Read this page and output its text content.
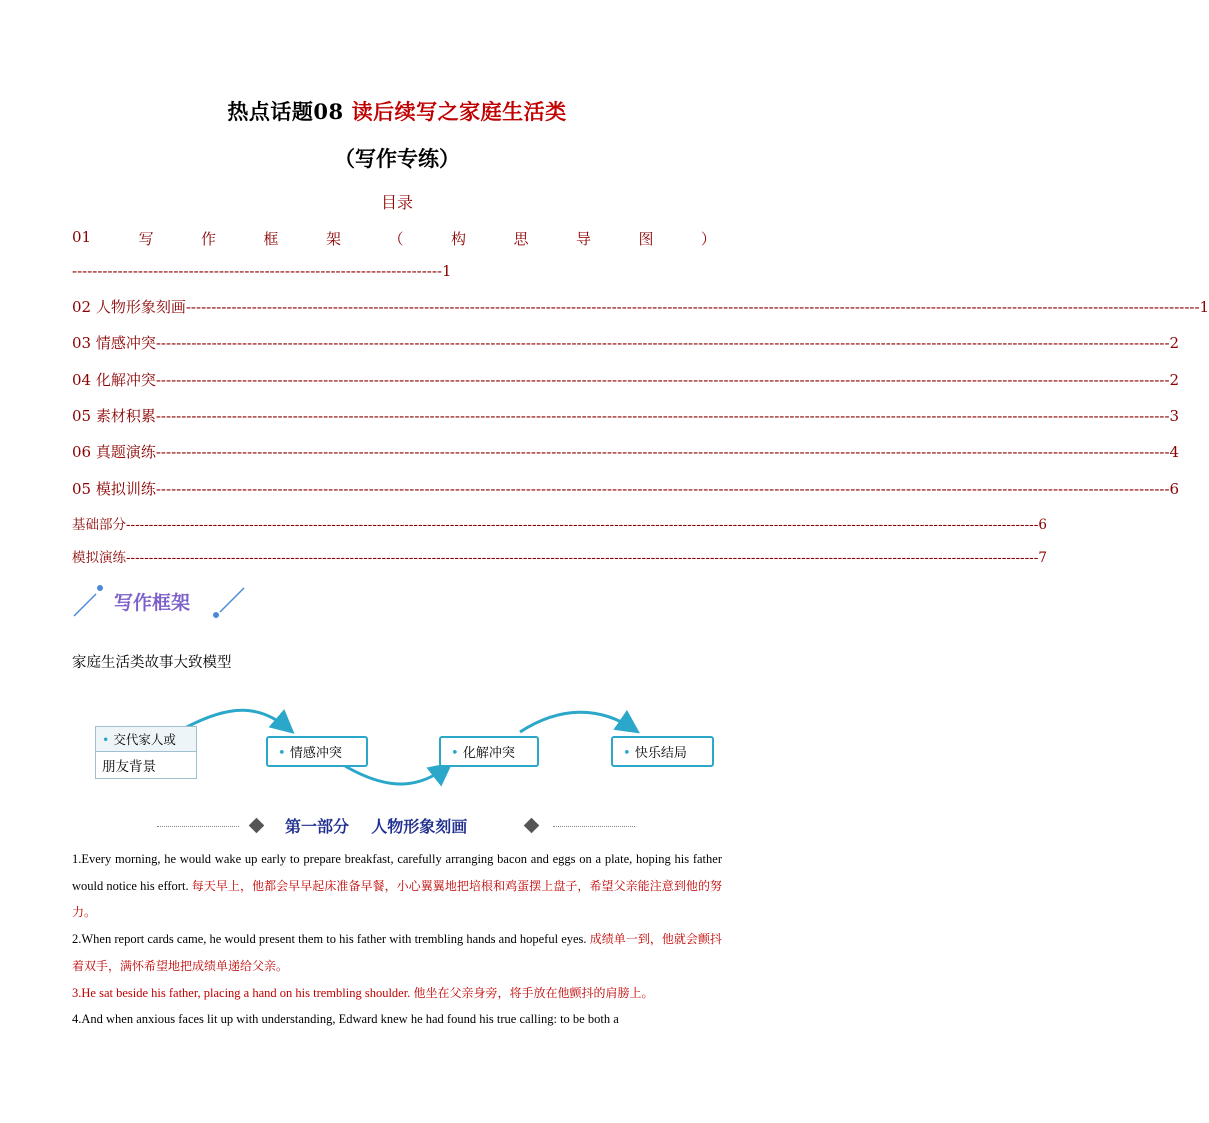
热点话题08 读后续写之家庭生活类
（写作专练）
目录
01	写	作	框	架	（	构	思	导	图	）
-------------------------------------------------------------------------1
02 人物形象刻画 -------------------------------------------------------------------------------------------------------------------------------------------------------------------------------------------------------- 1
03 情感冲突 -------------------------------------------------------------------------------------------------------------------------------------------------------------------------------------------------------- 2
04 化解冲突 -------------------------------------------------------------------------------------------------------------------------------------------------------------------------------------------------------- 2
05 素材积累 -------------------------------------------------------------------------------------------------------------------------------------------------------------------------------------------------------- 3
06 真题演练 -------------------------------------------------------------------------------------------------------------------------------------------------------------------------------------------------------- 4
05 模拟训练 -------------------------------------------------------------------------------------------------------------------------------------------------------------------------------------------------------- 6
基础部分 -------------------------------------------------------------------------------------------------------------------------------------------------------------------------------------------------------- 6
模拟演练 -------------------------------------------------------------------------------------------------------------------------------------------------------------------------------------------------------- 7
写作框架
家庭生活类故事大致模型
• 交代家人或
朋友背景
• 情感冲突	• 化解冲突	• 快乐结局
第一部分 人物形象刻画
1.Every morning, he would wake up early to prepare breakfast, carefully arranging bacon and eggs on a plate, hoping his father would notice his effort. 每天早上，他都会早早起床准备早餐，小心翼翼地把培根和鸡蛋摆上盘子，希望父亲能注意到他的努力。
2.When report cards came, he would present them to his father with trembling hands and hopeful eyes. 成绩单一到，他就会颤抖着双手，满怀希望地把成绩单递给父亲。
3.He sat beside his father, placing a hand on his trembling shoulder. 他坐在父亲身旁，将手放在他颤抖的肩膀上。
4.And when anxious faces lit up with understanding, Edward knew he had found his true calling: to be both a
